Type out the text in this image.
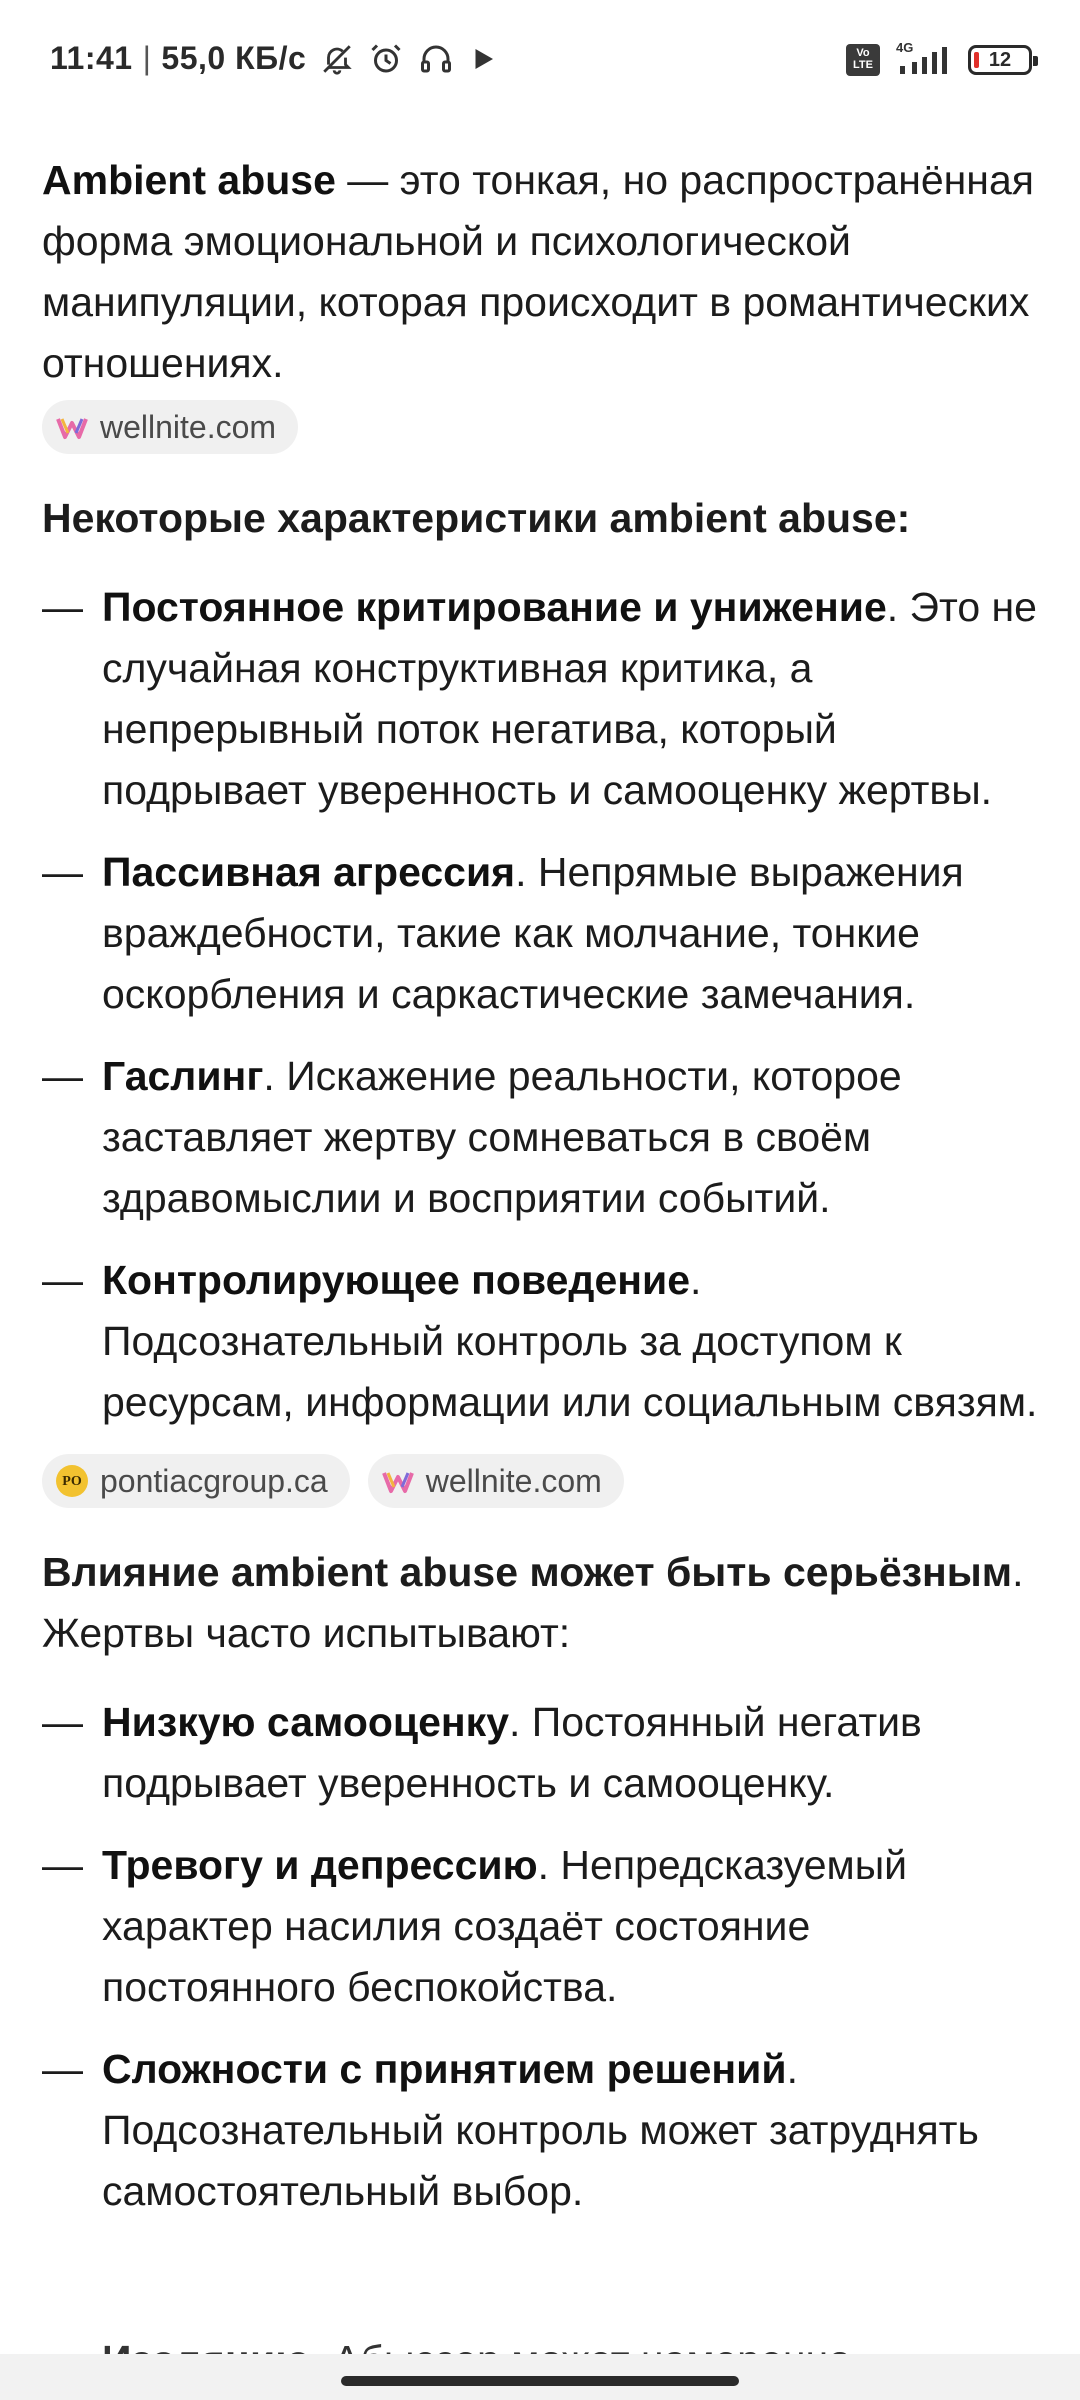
11:41 | 55,0 КБ/с	Vo LTE
4G
12

Ambient abuse — это тонкая, но распространённая форма эмоциональной и психологической манипуляции, которая происходит в романтических отношениях.

wellnite.com

Некоторые характеристики ambient abuse:

— Постоянное критирование и унижение. Это не случайная конструктивная критика, а непрерывный поток негатива, который подрывает уверенность и самооценку жертвы.
— Пассивная агрессия. Непрямые выражения враждебности, такие как молчание, тонкие оскорбления и саркастические замечания.
— Гаслинг. Искажение реальности, которое заставляет жертву сомневаться в своём здравомыслии и восприятии событий.
— Контролирующее поведение. Подсознательный контроль за доступом к ресурсам, информации или социальным связям.
PO pontiacgroup.ca	wellnite.com

Влияние ambient abuse может быть серьёзным. Жертвы часто испытывают:

— Низкую самооценку. Постоянный негатив подрывает уверенность и самооценку.
— Тревогу и депрессию. Непредсказуемый характер насилия создаёт состояние постоянного беспокойства.
— Сложности с принятием решений. Подсознательный контроль может затруднять самостоятельный выбор.
